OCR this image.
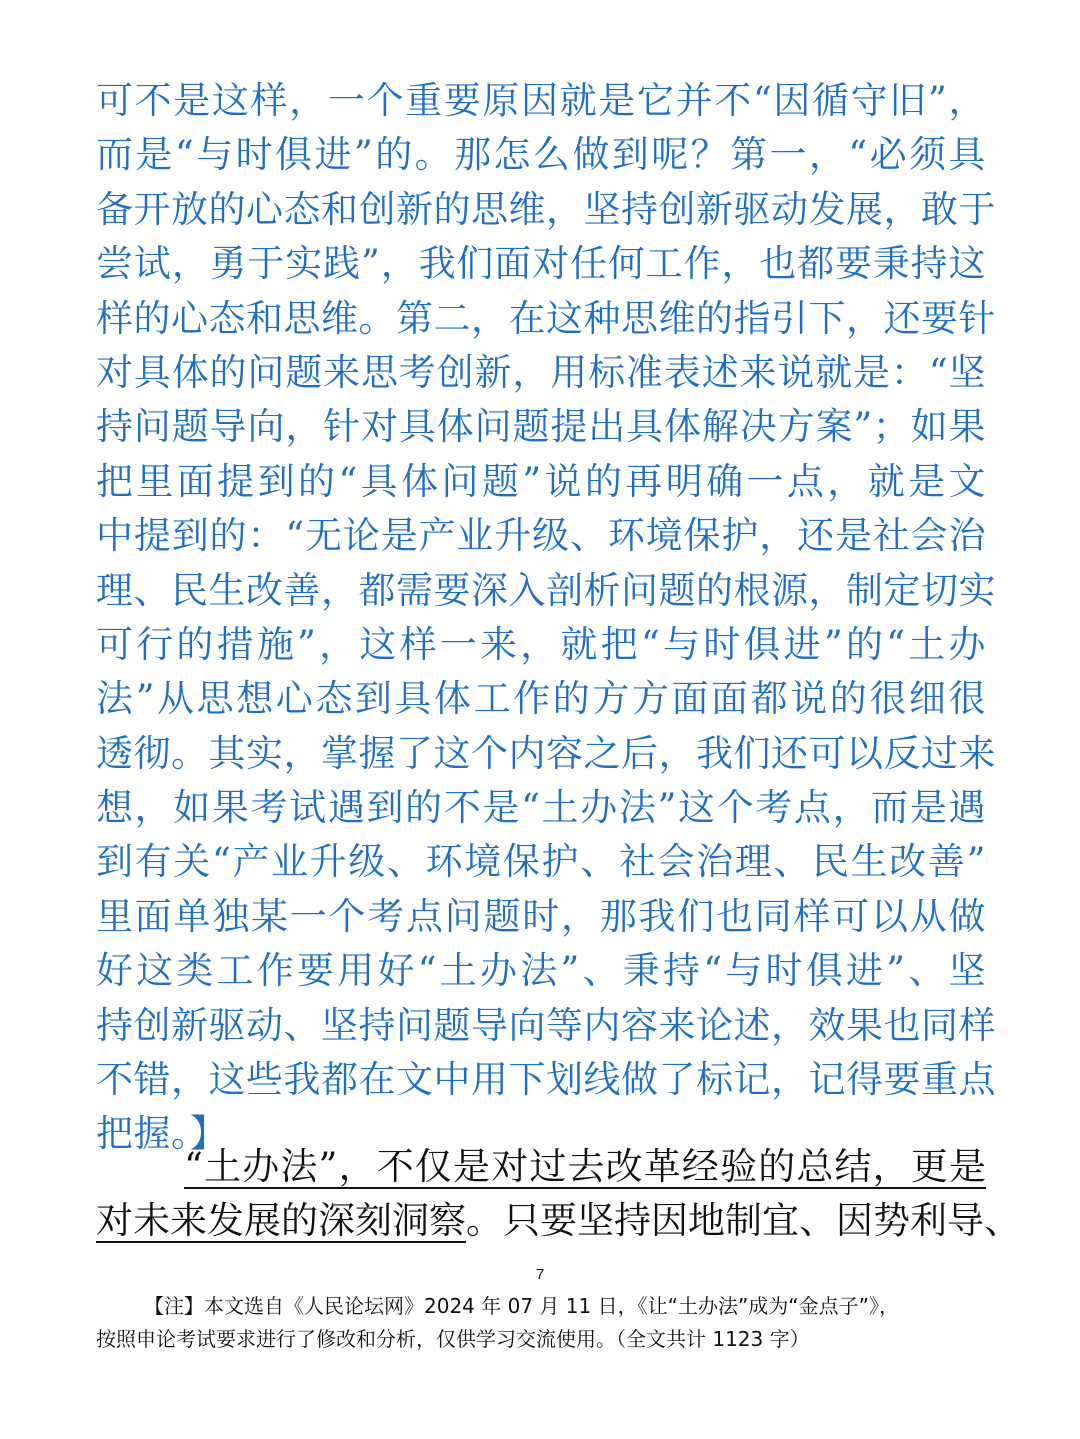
可不是这样，一个重要原因就是它并不“因循守旧”，
而是“与时俱进”的。那怎么做到呢？第一，“必须具
备开放的心态和创新的思维，坚持创新驱动发展，敢于
尝试，勇于实践”，我们面对任何工作，也都要秉持这
样的心态和思维。第二，在这种思维的指引下，还要针
对具体的问题来思考创新，用标准表述来说就是：“坚
持问题导向，针对具体问题提出具体解决方案”；如果
把里面提到的“具体问题”说的再明确一点，就是文
中提到的：“无论是产业升级、环境保护，还是社会治
理、民生改善，都需要深入剖析问题的根源，制定切实
可行的措施”，这样一来，就把“与时俱进”的“土办
法”从思想心态到具体工作的方方面面都说的很细很
透彻。其实，掌握了这个内容之后，我们还可以反过来
想，如果考试遇到的不是“土办法”这个考点，而是遇
到有关“产业升级、环境保护、社会治理、民生改善”
里面单独某一个考点问题时，那我们也同样可以从做
好这类工作要用好“土办法”、秉持“与时俱进”、坚
持创新驱动、坚持问题导向等内容来论述，效果也同样
不错，这些我都在文中用下划线做了标记，记得要重点
把握。】
“土办法”，不仅是对过去改革经验的总结，更是
对未来发展的深刻洞察。只要坚持因地制宜、因势利导、
7
【注】本文选自《人民论坛网》2024 年 07 月 11 日，《让“土办法”成为“金点子”》，
按照申论考试要求进行了修改和分析，仅供学习交流使用。（全文共计 1123 字）
